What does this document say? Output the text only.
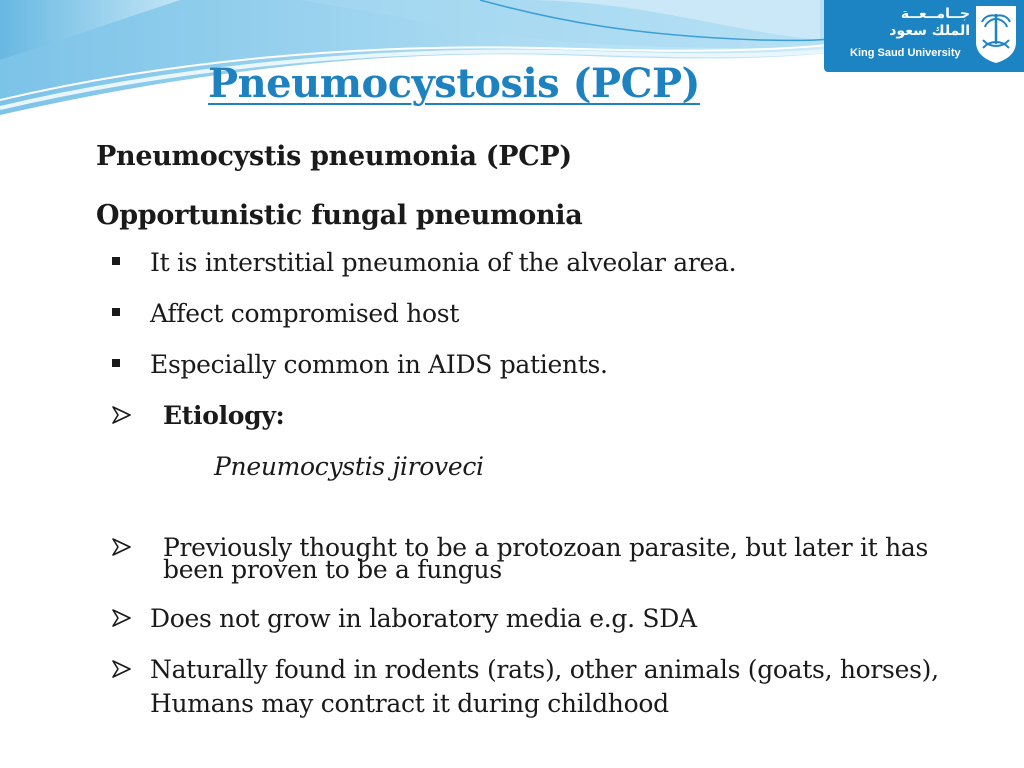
جــامــعــة
الملك سعود
King Saud University
Pneumocystosis (PCP)
Pneumocystis pneumonia (PCP)
Opportunistic fungal pneumonia
It is interstitial pneumonia of the alveolar area.
Affect compromised host
Especially common in AIDS patients.
Etiology:
Pneumocystis jiroveci
Previously thought to be a protozoan parasite, but later it has
been proven to be a fungus
Does not grow in laboratory media e.g. SDA
Naturally found in rodents (rats), other animals (goats, horses),
Humans may contract it during childhood
